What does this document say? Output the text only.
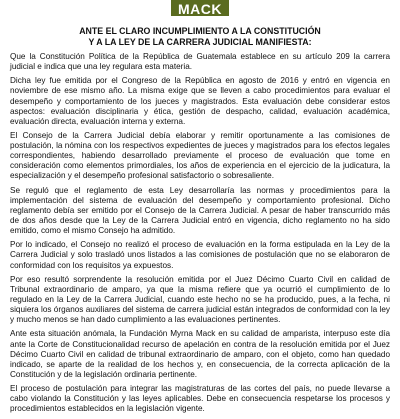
MACK
ANTE EL CLARO INCUMPLIMIENTO A LA CONSTITUCIÓN
Y A LA LEY DE LA CARRERA JUDICIAL MANIFIESTA:

Que la Constitución Política de la República de Guatemala establece en su artículo 209 la carrera judicial e indica que una ley regulara esta materia.

Dicha ley fue emitida por el Congreso de la República en agosto de 2016 y entró en vigencia en noviembre de ese mismo año. La misma exige que se lleven a cabo procedimientos para evaluar el desempeño y comportamiento de los jueces y magistrados. Esta evaluación debe considerar estos aspectos: evaluación disciplinaria y ética, gestión de despacho, calidad, evaluación académica, evaluación directa, evaluación interna y externa.

El Consejo de la Carrera Judicial debía elaborar y remitir oportunamente a las comisiones de postulación, la nómina con los respectivos expedientes de jueces y magistrados para los efectos legales correspondientes, habiendo desarrollado previamente el proceso de evaluación que tome en consideración como elementos primordiales, los años de experiencia en el ejercicio de la judicatura, la especialización y el desempeño profesional satisfactorio o sobresaliente.

Se reguló que el reglamento de esta Ley desarrollaría las normas y procedimientos para la implementación del sistema de evaluación del desempeño y comportamiento profesional. Dicho reglamento debía ser emitido por el Consejo de la Carrera Judicial. A pesar de haber transcurrido más de dos años desde que la Ley de la Carrera Judicial entró en vigencia, dicho reglamento no ha sido emitido, como el mismo Consejo ha admitido.

Por lo indicado, el Consejo no realizó el proceso de evaluación en la forma estipulada en la Ley de la Carrera Judicial y solo trasladó unos listados a las comisiones de postulación que no se elaboraron de conformidad con los requisitos ya expuestos.

Por eso resultó sorprendente la resolución emitida por el Juez Décimo Cuarto Civil en calidad de Tribunal extraordinario de amparo, ya que la misma refiere que ya ocurrió el cumplimiento de lo regulado en la Ley de la Carrera Judicial, cuando este hecho no se ha producido, pues, a la fecha, ni siquiera los órganos auxiliares del sistema de carrera judicial están integrados de conformidad con la ley y mucho menos se han dado cumplimiento a las evaluaciones pertinentes.

Ante esta situación anómala, la Fundación Myrna Mack en su calidad de amparista, interpuso este día ante la Corte de Constitucionalidad recurso de apelación en contra de la resolución emitida por el Juez Décimo Cuarto Civil en calidad de tribunal extraordinario de amparo, con el objeto, como han quedado indicado, se aparte de la realidad de los hechos y, en consecuencia, de la correcta aplicación de la Constitución y de la legislación ordinaria pertinente.

El proceso de postulación para integrar las magistraturas de las cortes del país, no puede llevarse a cabo violando la Constitución y las leyes aplicables. Debe en consecuencia respetarse los procesos y procedimientos establecidos en la legislación vigente.
